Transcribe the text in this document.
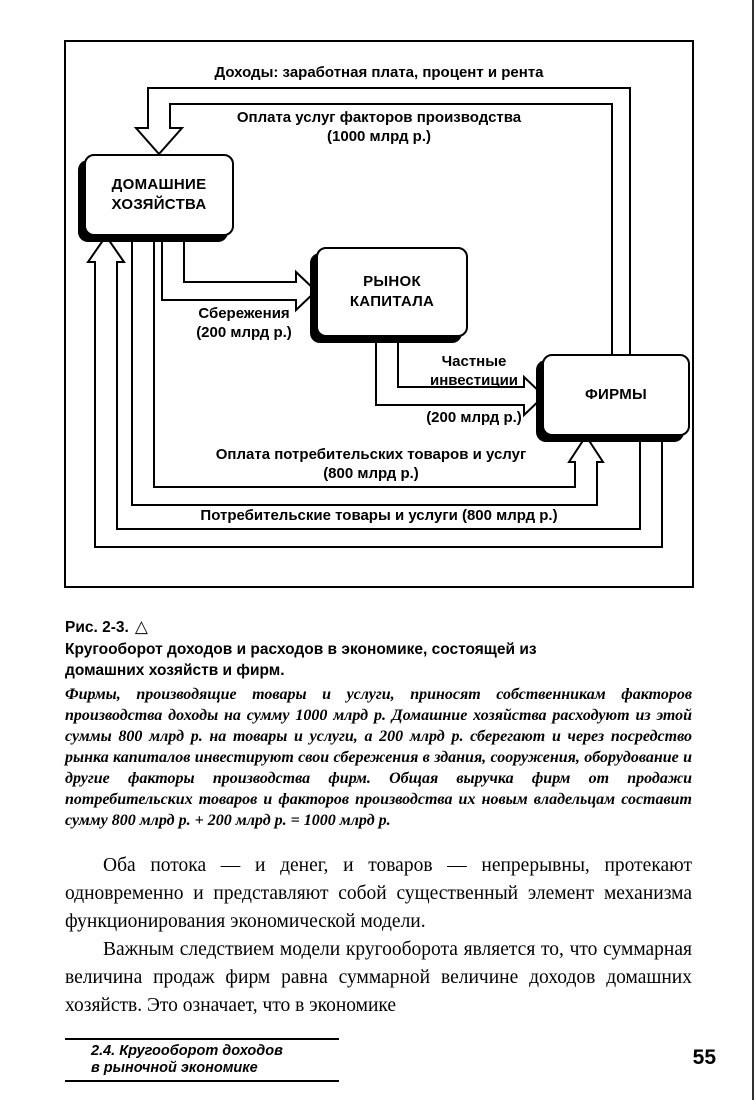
Доходы: заработная плата, процент и рента
Оплата услуг факторов производства
(1000 млрд р.)
ДОМАШНИЕ
ХОЗЯЙСТВА
РЫНОК
КАПИТАЛА
ФИРМЫ
Сбережения
(200 млрд р.)
Частные
инвестиции
(200 млрд р.)
Оплата потребительских товаров и услуг
(800 млрд р.)
Потребительские товары и услуги (800 млрд р.)
Рис. 2-3. △
Кругооборот доходов и расходов в экономике, состоящей из домашних хозяйств и фирм.

Фирмы, производящие товары и услуги, приносят собственникам факторов производства доходы на сумму 1000 млрд р. Домашние хозяйства расходуют из этой суммы 800 млрд р. на товары и услуги, а 200 млрд р. сберегают и через посредство рынка капиталов инвестируют свои сбережения в здания, сооружения, оборудование и другие факторы производства фирм. Общая выручка фирм от продажи потребительских товаров и факторов производства их новым владельцам составит сумму 800 млрд р. + 200 млрд р. = 1000 млрд р.

Оба потока — и денег, и товаров — непрерывны, протекают одновременно и представляют собой существенный элемент механизма функционирования экономической модели.

Важным следствием модели кругооборота является то, что суммарная величина продаж фирм равна суммарной величине доходов домашних хозяйств. Это означает, что в экономике

2.4. Кругооборот доходов
в рыночной экономике	55
